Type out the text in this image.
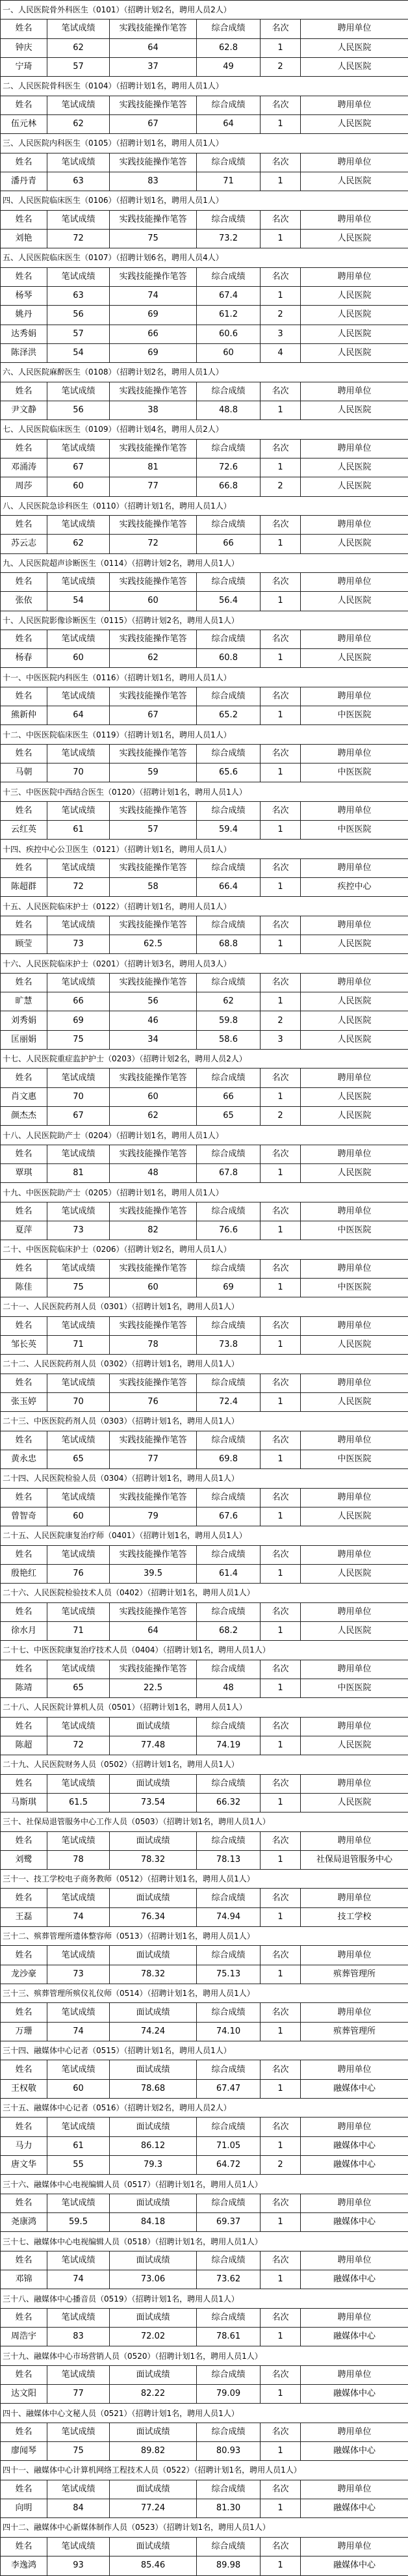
一、人民医院骨外科医生（0101）（招聘计划2名，聘用人员2人）					
姓名	笔试成绩	实践技能操作笔答	综合成绩	名次	聘用单位
钟庆	62	64	62.8	1	人民医院
宁琦	57	37	49	2	人民医院
二、人民医院骨科医生（0104）（招聘计划1名，聘用人员1人）					
姓名	笔试成绩	实践技能操作笔答	综合成绩	名次	聘用单位
伍元林	62	67	64	1	人民医院
三、人民医院内科医生（0105）（招聘计划1名，聘用人员1人）					
姓名	笔试成绩	实践技能操作笔答	综合成绩	名次	聘用单位
潘丹青	63	83	71	1	人民医院
四、人民医院临床医生（0106）（招聘计划1名，聘用人员1人）					
姓名	笔试成绩	实践技能操作笔答	综合成绩	名次	聘用单位
刘艳	72	75	73.2	1	人民医院
五、人民医院临床医生（0107）（招聘计划6名，聘用人员4人）					
姓名	笔试成绩	实践技能操作笔答	综合成绩	名次	聘用单位
杨琴	63	74	67.4	1	人民医院
姚丹	56	69	61.2	2	人民医院
达秀娟	57	66	60.6	3	人民医院
陈泽洪	54	69	60	4	人民医院
六、人民医院麻醉医生（0108）（招聘计划2名，聘用人员1人）					
姓名	笔试成绩	实践技能操作笔答	综合成绩	名次	聘用单位
尹文静	56	38	48.8	1	人民医院
七、人民医院临床医生（0109）（招聘计划4名，聘用人员2人）					
姓名	笔试成绩	实践技能操作笔答	综合成绩	名次	聘用单位
邓涌涛	67	81	72.6	1	人民医院
周莎	60	77	66.8	2	人民医院
八、人民医院急诊科医生（0110）（招聘计划1名，聘用人员1人）					
姓名	笔试成绩	实践技能操作笔答	综合成绩	名次	聘用单位
苏云志	62	72	66	1	人民医院
九、人民医院超声诊断医生（0114）（招聘计划2名，聘用人员1人）					
姓名	笔试成绩	实践技能操作笔答	综合成绩	名次	聘用单位
张依	54	60	56.4	1	人民医院
十、人民医院影像诊断医生（0115）（招聘计划2名，聘用人员1人）					
姓名	笔试成绩	实践技能操作笔答	综合成绩	名次	聘用单位
杨春	60	62	60.8	1	人民医院
十一、中医医院内科医生（0116）（招聘计划1名，聘用人员1人）					
姓名	笔试成绩	实践技能操作笔答	综合成绩	名次	聘用单位
熊新仲	64	67	65.2	1	中医医院
十二、中医医院临床医生（0119）（招聘计划1名，聘用人员1人）					
姓名	笔试成绩	实践技能操作笔答	综合成绩	名次	聘用单位
马朝	70	59	65.6	1	中医医院
十三、中医医院中西结合医生（0120）（招聘计划1名，聘用人员1人）					
姓名	笔试成绩	实践技能操作笔答	综合成绩	名次	聘用单位
云红英	61	57	59.4	1	中医医院
十四、疾控中心公卫医生（0121）（招聘计划1名，聘用人员1人）					
姓名	笔试成绩	实践技能操作笔答	综合成绩	名次	聘用单位
陈超群	72	58	66.4	1	疾控中心
十五、人民医院临床护士（0122）（招聘计划1名，聘用人员1人）					
姓名	笔试成绩	实践技能操作笔答	综合成绩	名次	聘用单位
顾莹	73	62.5	68.8	1	人民医院
十六、人民医院临床护士（0201）（招聘计划3名，聘用人员3人）					
姓名	笔试成绩	实践技能操作笔答	综合成绩	名次	聘用单位
旷慧	66	56	62	1	人民医院
刘秀娟	69	46	59.8	2	人民医院
匡丽娟	75	34	58.6	3	人民医院
十七、人民医院重症监护护士（0203）（招聘计划2名，聘用人员2人）					
姓名	笔试成绩	实践技能操作笔答	综合成绩	名次	聘用单位
肖文惠	70	60	66	1	人民医院
颜杰杰	67	62	65	2	人民医院
十八、人民医院助产士（0204）（招聘计划1名，聘用人员1人）					
姓名	笔试成绩	实践技能操作笔答	综合成绩	名次	聘用单位
覃琪	81	48	67.8	1	人民医院
十九、中医医院助产士（0205）（招聘计划1名，聘用人员1人）					
姓名	笔试成绩	实践技能操作笔答	综合成绩	名次	聘用单位
夏萍	73	82	76.6	1	中医医院
二十、中医医院临床护士（0206）（招聘计划2名，聘用人员1人）					
姓名	笔试成绩	实践技能操作笔答	综合成绩	名次	聘用单位
陈佳	75	60	69	1	中医医院
二十一、人民医院药剂人员（0301）（招聘计划1名，聘用人员1人）					
姓名	笔试成绩	实践技能操作笔答	综合成绩	名次	聘用单位
邹长英	71	78	73.8	1	人民医院
二十二、人民医院药剂人员（0302）（招聘计划1名，聘用人员1人）					
姓名	笔试成绩	实践技能操作笔答	综合成绩	名次	聘用单位
张玉婷	70	76	72.4	1	人民医院
二十三、中医医院药剂人员（0303）（招聘计划1名，聘用人员1人）					
姓名	笔试成绩	实践技能操作笔答	综合成绩	名次	聘用单位
黄永忠	65	77	69.8	1	中医医院
二十四、人民医院检验人员（0304）（招聘计划1名，聘用人员1人）					
姓名	笔试成绩	实践技能操作笔答	综合成绩	名次	聘用单位
曾智奇	60	79	67.6	1	人民医院
二十五、人民医院康复治疗师（0401）（招聘计划1名，聘用人员1人）					
姓名	笔试成绩	实践技能操作笔答	综合成绩	名次	聘用单位
殷艳红	76	39.5	61.4	1	人民医院
二十六、人民医院检验技术人员（0402）（招聘计划1名，聘用人员1人）					
姓名	笔试成绩	实践技能操作笔答	综合成绩	名次	聘用单位
徐水月	71	64	68.2	1	人民医院
二十七、中医医院康复治疗技术人员（0404）（招聘计划1名，聘用人员1人）					
姓名	笔试成绩	实践技能操作笔答	综合成绩	名次	聘用单位
陈靖	65	22.5	48	1	中医医院
二十八、人民医院计算机人员（0501）（招聘计划1名，聘用人员1人）					
姓名	笔试成绩	面试成绩	综合成绩	名次	聘用单位
陈超	72	77.48	74.19	1	人民医院
二十九、人民医院财务人员（0502）（招聘计划1名，聘用人员1人）					
姓名	笔试成绩	面试成绩	综合成绩	名次	聘用单位
马斯琪	61.5	73.54	66.32	1	人民医院
三十、社保局退管服务中心工作人员（0503）（招聘计划1名，聘用人员1人）					
姓名	笔试成绩	面试成绩	综合成绩	名次	聘用单位
刘鹭	78	78.32	78.13	1	社保局退管服务中心
三十一、技工学校电子商务教师（0512）（招聘计划1名，聘用人员1人）					
姓名	笔试成绩	面试成绩	综合成绩	名次	聘用单位
王磊	74	76.34	74.94	1	技工学校
三十二、殡葬管理所遗体整容师（0513）（招聘计划1名，聘用人员1人）					
姓名	笔试成绩	面试成绩	综合成绩	名次	聘用单位
龙沙豪	73	78.32	75.13	1	殡葬管理所
三十三、殡葬管理所殡仪礼仪师（0514）（招聘计划1名，聘用人员1人）					
姓名	笔试成绩	面试成绩	综合成绩	名次	聘用单位
万珊	74	74.24	74.10	1	殡葬管理所
三十四、融媒体中心记者（0515）（招聘计划1名，聘用人员1人）					
姓名	笔试成绩	面试成绩	综合成绩	名次	聘用单位
王权敬	60	78.68	67.47	1	融媒体中心
三十五、融媒体中心记者（0516）（招聘计划2名，聘用人员2人）					
姓名	笔试成绩	面试成绩	综合成绩	名次	聘用单位
马力	61	86.12	71.05	1	融媒体中心
唐文华	55	79.3	64.72	2	融媒体中心
三十六、融媒体中心电视编辑人员（0517）（招聘计划1名，聘用人员1人）					
姓名	笔试成绩	面试成绩	综合成绩	名次	聘用单位
尧康鸿	59.5	84.18	69.37	1	融媒体中心
三十七、融媒体中心电视编辑人员（0518）（招聘计划1名，聘用人员1人）					
姓名	笔试成绩	面试成绩	综合成绩	名次	聘用单位
邓锦	74	73.06	73.62	1	融媒体中心
三十八、融媒体中心播音员（0519）（招聘计划1名，聘用人员1人）					
姓名	笔试成绩	面试成绩	综合成绩	名次	聘用单位
周浩宇	83	72.02	78.61	1	融媒体中心
三十九、融媒体中心市场营销人员（0520）（招聘计划1名，聘用人员1人）					
姓名	笔试成绩	面试成绩	综合成绩	名次	聘用单位
达文阳	77	82.22	79.09	1	融媒体中心
四十、融媒体中心文秘人员（0521）（招聘计划1名，聘用人员1人）					
姓名	笔试成绩	面试成绩	综合成绩	名次	聘用单位
廖闻琴	75	89.82	80.93	1	融媒体中心
四十一、融媒体中心计算机网络工程技术人员（0522）（招聘计划1名，聘用人员1人）					
姓名	笔试成绩	面试成绩	综合成绩	名次	聘用单位
向明	84	77.24	81.30	1	融媒体中心
四十二、融媒体中心新媒体制作人员（0523）（招聘计划1名，聘用人员1人）					
姓名	笔试成绩	面试成绩	综合成绩	名次	聘用单位
李逸鸿	93	85.46	89.98	1	融媒体中心
